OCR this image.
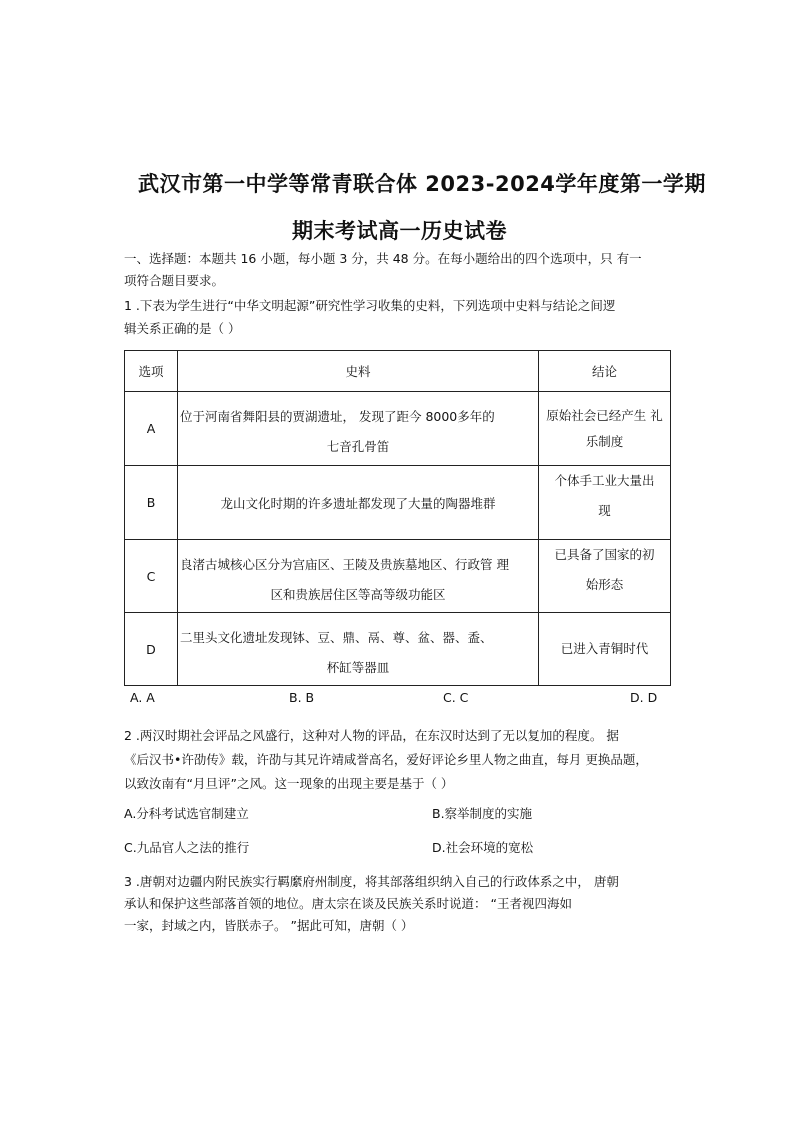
武汉市第一中学等常青联合体 2023-2024学年度第一学期
期末考试高一历史试卷
一、选择题：本题共 16 小题，每小题 3 分，共 48 分。在每小题给出的四个选项中，只 有一
项符合题目要求。
1 .下表为学生进行“中华文明起源”研究性学习收集的史料，下列选项中史料与结论之间逻
辑关系正确的是（ ）
选项	史料	结论
A	位于河南省舞阳县的贾湖遗址， 发现了距今 8000多年的
七音孔骨笛	原始社会已经产生 礼
乐制度

B	龙山文化时期的许多遗址都发现了大量的陶器堆群	个体手工业大量出
现

C	良渚古城核心区分为宫庙区、王陵及贵族墓地区、行政管 理
区和贵族居住区等高等级功能区	已具备了国家的初
始形态

D	二里头文化遗址发现钵、豆、鼎、鬲、尊、盆、器、盉、
杯缸等器皿	已进入青铜时代
A. A	B. B	C. C	D. D
2 .两汉时期社会评品之风盛行，这种对人物的评品，在东汉时达到了无以复加的程度。 据
《后汉书•许劭传》载，许劭与其兄许靖咸誉高名，爱好评论乡里人物之曲直，每月 更换品题，
以致汝南有“月旦评”之风。这一现象的出现主要是基于（ ）
A.分科考试选官制建立	B.察举制度的实施
C.九品官人之法的推行	D.社会环境的宽松
3 .唐朝对边疆内附民族实行羁縻府州制度，将其部落组织纳入自己的行政体系之中， 唐朝
承认和保护这些部落首领的地位。唐太宗在谈及民族关系时说道： “王者视四海如
一家，封域之内，皆朕赤子。 ”据此可知，唐朝（ ）
